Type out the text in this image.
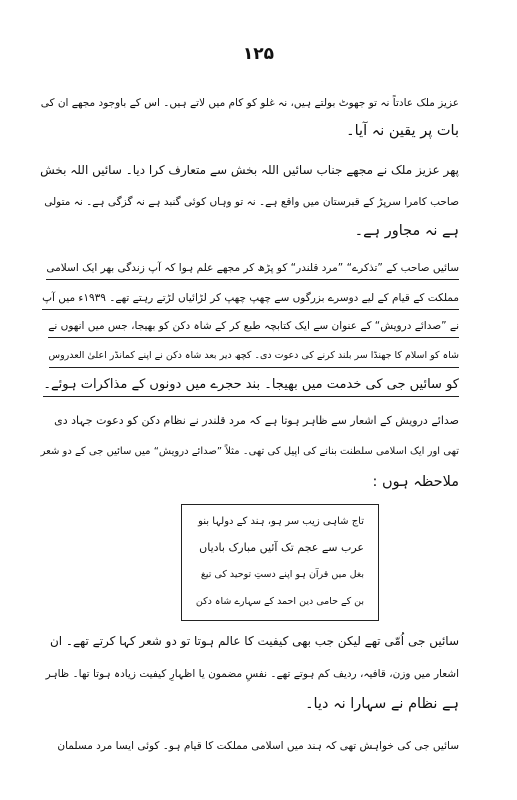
۱۲۵
عزیز ملک عادتاً نہ تو جھوٹ بولتے ہیں، نہ غلو کو کام میں لاتے ہیں۔ اس کے باوجود مجھے ان کی
بات پر یقین نہ آیا۔
پھر عزیز ملک نے مجھے جناب سائیں اللہ بخش سے متعارف کرا دیا۔ سائیں اللہ بخش
صاحب کامرا سرپڑ کے قبرستان میں واقع ہے۔ نہ تو وہاں کوئی گنبد ہے نہ گزگی ہے۔ نہ متولی
ہے نہ مجاور ہے۔
سائیں صاحب کے ”تذکرے“ ”مرد قلندر“ کو پڑھ کر مجھے علم ہوا کہ آپ زندگی بھر ایک اسلامی
مملکت کے قیام کے لیے دوسرے بزرگوں سے چھپ چھپ کر لڑائیاں لڑتے رہتے تھے۔ ۱۹۳۹ء میں آپ
نے ”صدائے درویش“ کے عنوان سے ایک کتابچہ طبع کر کے شاہ دکن کو بھیجا، جس میں انھوں نے
شاہ کو اسلام کا جھنڈا سر بلند کرنے کی دعوت دی۔ کچھ دیر بعد شاہ دکن نے اپنے کمانڈر اعلیٰ العدروس
کو سائیں جی کی خدمت میں بھیجا۔ بند حجرے میں دونوں کے مذاکرات ہوئے۔
صدائے درویش کے اشعار سے ظاہر ہوتا ہے کہ مرد قلندر نے نظام دکن کو دعوت جہاد دی
تھی اور ایک اسلامی سلطنت بنانے کی اپیل کی تھی۔ مثلاً ”صدائے درویش“ میں سائیں جی کے دو شعر
ملاحظہ ہوں :
تاج شاہی زیب سر ہو، ہند کے دولہا بنو
عرب سے عجم تک آئیں مبارک بادیاں
بغل میں قرآن ہو اپنے دستِ توحید کی تیغ
بن کے حامی دین احمد کے سہارے شاہ دکن
سائیں جی اُمّی تھے لیکن جب بھی کیفیت کا عالم ہوتا تو دو شعر کہا کرتے تھے۔ ان
اشعار میں وزن، قافیہ، ردیف کم ہوتے تھے۔ نفسِ مضمون یا اظہارِ کیفیت زیادہ ہوتا تھا۔ ظاہر
ہے نظام نے سہارا نہ دیا۔
سائیں جی کی خواہش تھی کہ ہند میں اسلامی مملکت کا قیام ہو۔ کوئی ایسا مرد مسلمان
